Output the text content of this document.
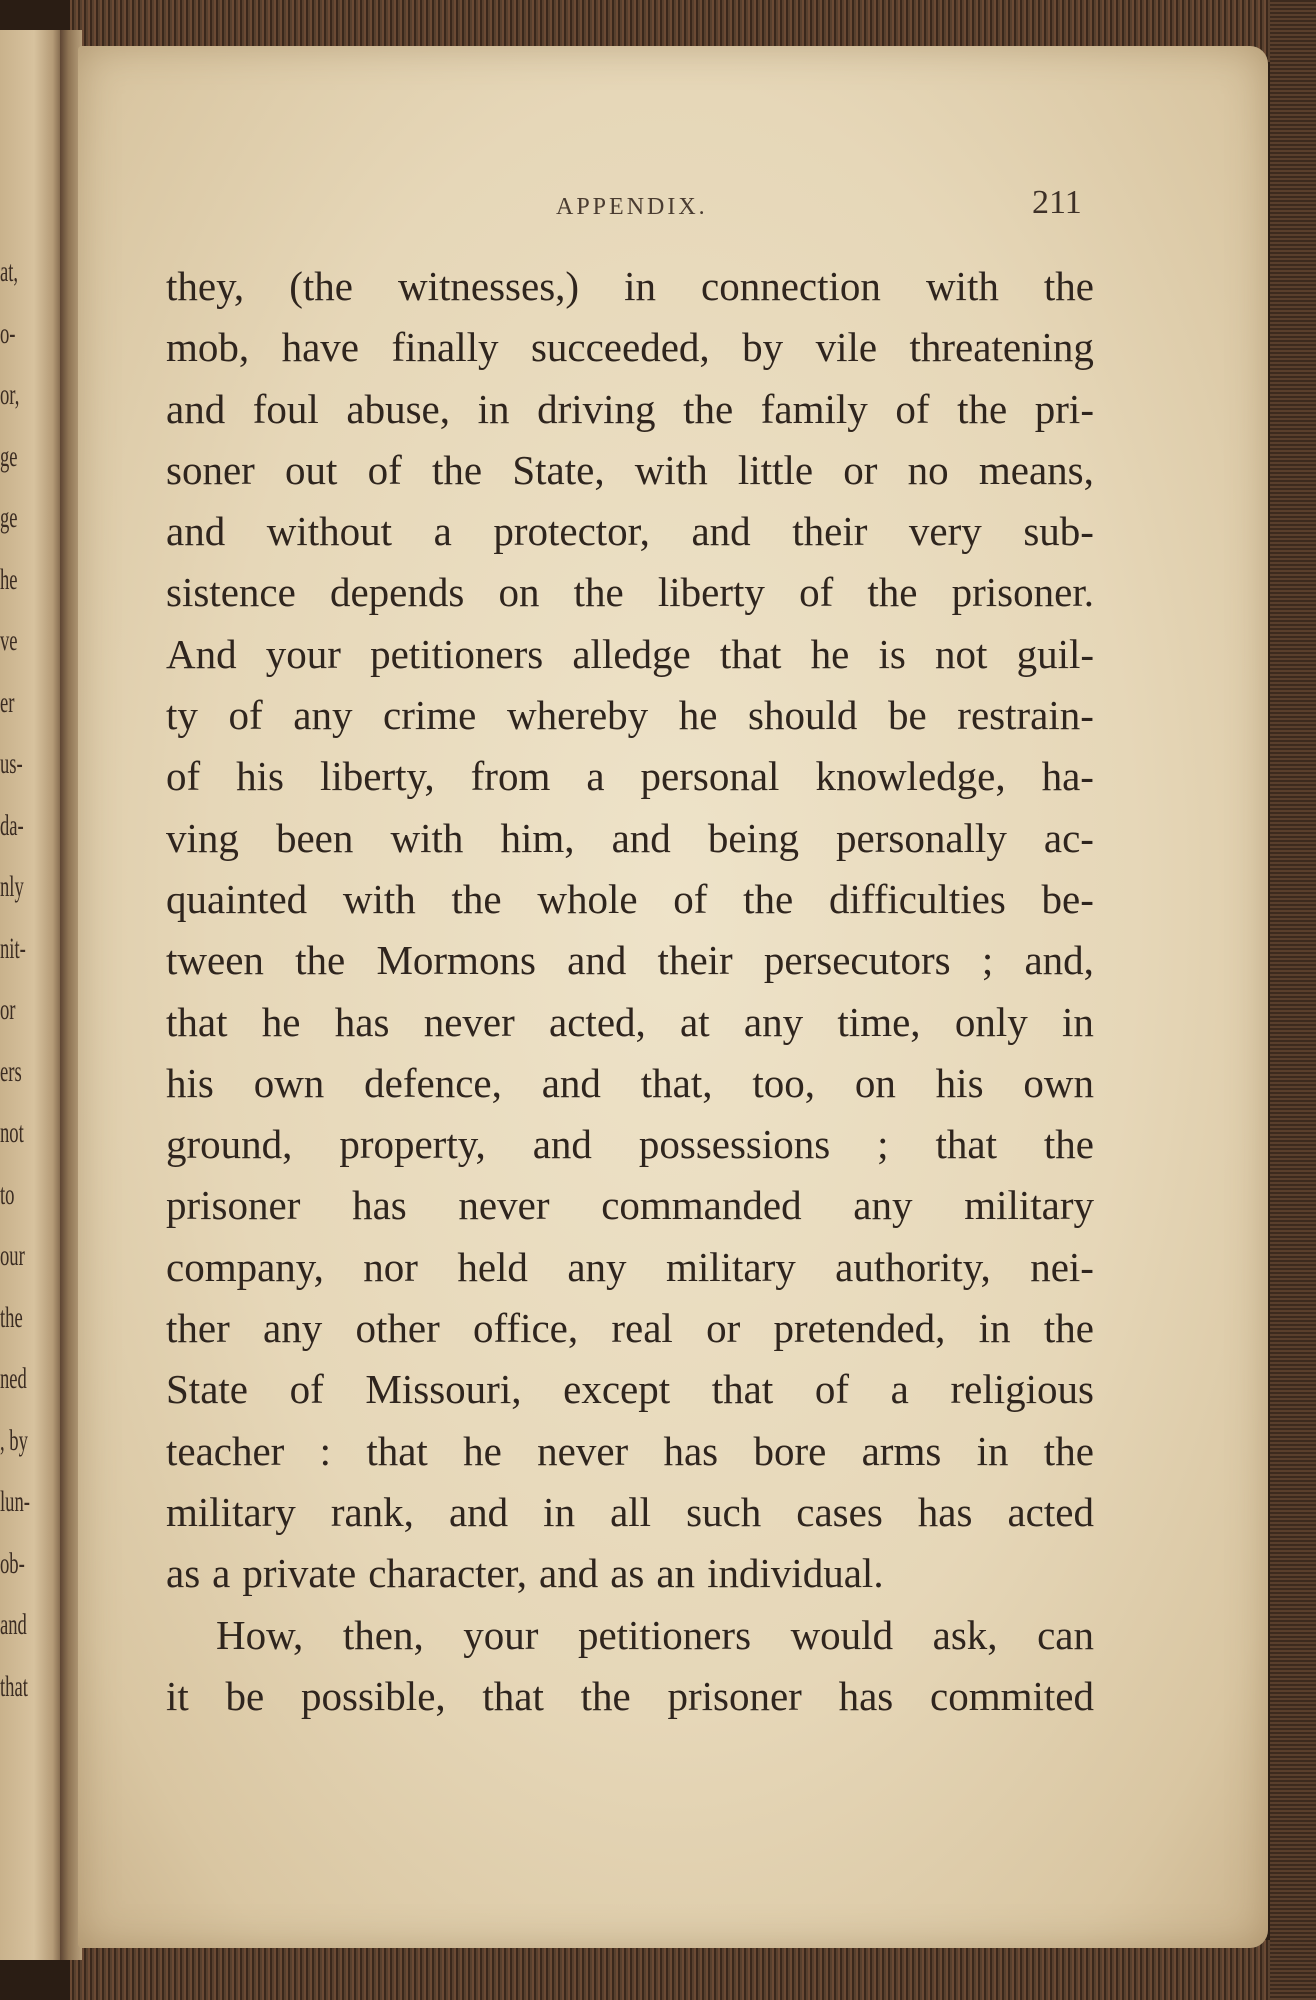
at,
o-
or,
ge
ge
he
ve
er
us-
da-
nly
nit-
or
ers
not
to
our
the
ned
, by
lun-
ob-
and
that
APPENDIX.	211
they, (the witnesses,) in connection with the
mob, have finally succeeded, by vile threatening
and foul abuse, in driving the family of the pri-
soner out of the State, with little or no means,
and without a protector, and their very sub-
sistence depends on the liberty of the prisoner.
And your petitioners alledge that he is not guil-
ty of any crime whereby he should be restrain-
of his liberty, from a personal knowledge, ha-
ving been with him, and being personally ac-
quainted with the whole of the difficulties be-
tween the Mormons and their persecutors ; and,
that he has never acted, at any time, only in
his own defence, and that, too, on his own
ground, property, and possessions ; that the
prisoner has never commanded any military
company, nor held any military authority, nei-
ther any other office, real or pretended, in the
State of Missouri, except that of a religious
teacher : that he never has bore arms in the
military rank, and in all such cases has acted
as a private character, and as an individual.
How, then, your petitioners would ask, can
it be possible, that the prisoner has commited
